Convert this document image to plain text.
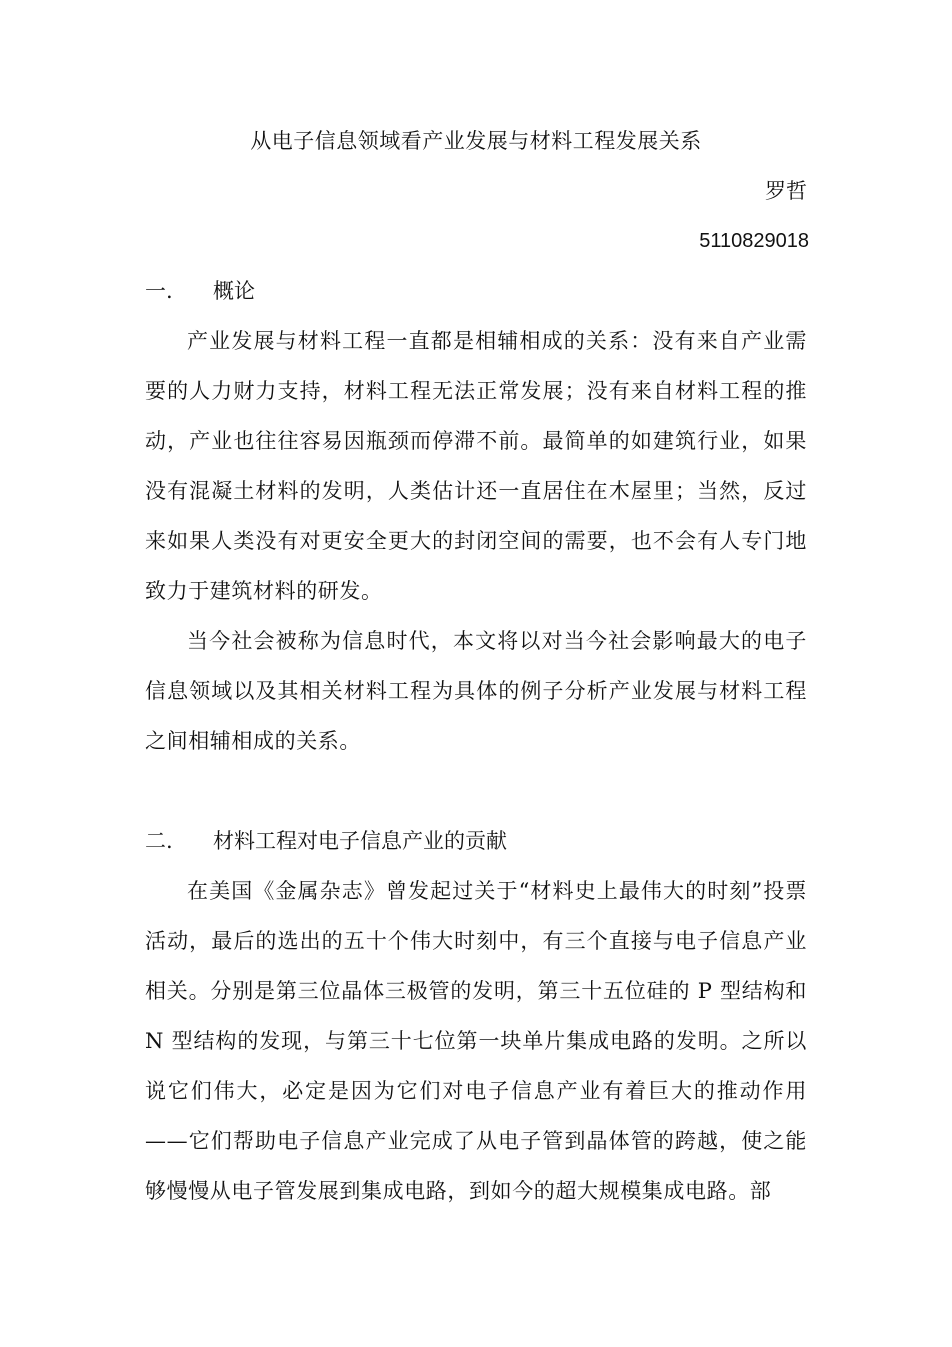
从电子信息领域看产业发展与材料工程发展关系
罗哲
5110829018
一.	概论

产业发展与材料工程一直都是相辅相成的关系：没有来自产业需要的人力财力支持，材料工程无法正常发展；没有来自材料工程的推动，产业也往往容易因瓶颈而停滞不前。最简单的如建筑行业，如果没有混凝土材料的发明，人类估计还一直居住在木屋里；当然，反过来如果人类没有对更安全更大的封闭空间的需要，也不会有人专门地致力于建筑材料的研发。

当今社会被称为信息时代，本文将以对当今社会影响最大的电子信息领域以及其相关材料工程为具体的例子分析产业发展与材料工程之间相辅相成的关系。

二.	材料工程对电子信息产业的贡献

在美国《金属杂志》曾发起过关于“材料史上最伟大的时刻”投票活动，最后的选出的五十个伟大时刻中，有三个直接与电子信息产业相关。分别是第三位晶体三极管的发明，第三十五位硅的 P 型结构和 N 型结构的发现，与第三十七位第一块单片集成电路的发明。之所以说它们伟大，必定是因为它们对电子信息产业有着巨大的推动作用——它们帮助电子信息产业完成了从电子管到晶体管的跨越，使之能够慢慢从电子管发展到集成电路，到如今的超大规模集成电路。部
